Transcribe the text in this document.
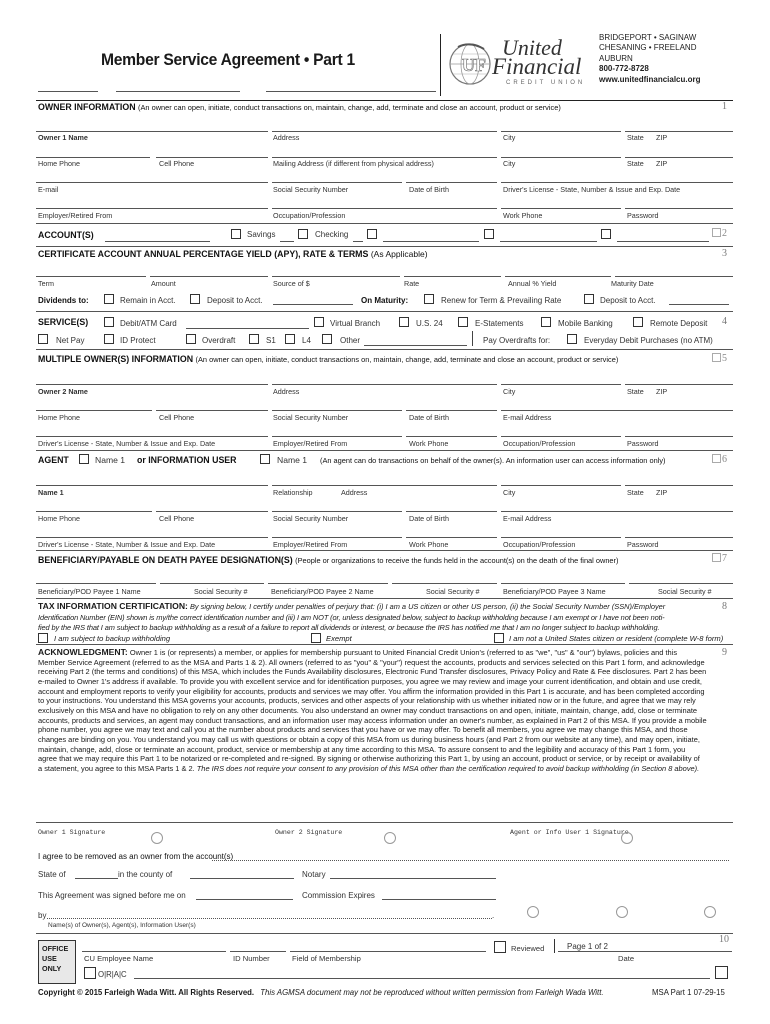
Member Service Agreement • Part 1	UF
United
Financial
CREDIT UNION
BRIDGEPORT • SAGINAW
CHESANING • FREELAND
AUBURN
800-772-8728
www.unitedfinancialcu.org
OWNER INFORMATION (An owner can open, initiate, conduct transactions on, maintain, change, add, terminate and close an account, product or service)	1
Owner 1 Name	Address	City	State ZIP
Home Phone	Cell Phone	Mailing Address (if different from physical address)	City	State ZIP
E-mail	Social Security Number	Date of Birth	Driver's License - State, Number & Issue and Exp. Date
Employer/Retired From	Occupation/Profession	Work Phone	Password
ACCOUNT(S)	Savings	Checking	2
CERTIFICATE ACCOUNT ANNUAL PERCENTAGE YIELD (APY), RATE & TERMS (As Applicable)	3
Term	Amount	Source of $	Rate	Annual % Yield	Maturity Date
Dividends to:	Remain in Acct.	Deposit to Acct.	On Maturity:	Renew for Term & Prevailing Rate	Deposit to Acct.
SERVICE(S)	Debit/ATM Card	Virtual Branch	U.S. 24	E-Statements	Mobile Banking	Remote Deposit 4
Net Pay	ID Protect	Overdraft	S1	L4	Other	Pay Overdrafts for:	Everyday Debit Purchases (no ATM)
MULTIPLE OWNER(S) INFORMATION (An owner can open, initiate, conduct transactions on, maintain, change, add, terminate and close an account, product or service)	5
Owner 2 Name	Address	City	State ZIP
Home Phone	Cell Phone	Social Security Number	Date of Birth	E-mail Address
Driver's License - State, Number & Issue and Exp. Date	Employer/Retired From	Work Phone	Occupation/Profession	Password
AGENT	Name 1 or INFORMATION USER	Name 1 (An agent can do transactions on behalf of the owner(s). An information user can access information only)	6
Name 1	Relationship	Address	City	State ZIP
Home Phone	Cell Phone	Social Security Number	Date of Birth	E-mail Address
Driver's License - State, Number & Issue and Exp. Date	Employer/Retired From	Work Phone	Occupation/Profession	Password
BENEFICIARY/PAYABLE ON DEATH PAYEE DESIGNATION(S) (People or organizations to receive the funds held in the account(s) on the death of the final owner)	7
Beneficiary/POD Payee 1 Name	Social Security #	Beneficiary/POD Payee 2 Name	Social Security #	Beneficiary/POD Payee 3 Name	Social Security #
TAX INFORMATION CERTIFICATION: By signing below, I certify under penalties of perjury that: (i) I am a US citizen or other US person, (ii) the Social Security Number (SSN)/Employer	8
Identification Number (EIN) shown is my/the correct identification number and (iii) I am NOT (or, unless designated below, subject to backup withholding because I am exempt or I have not been noti-
fied by the IRS that I am subject to backup withholding as a result of a failure to report all dividends or interest, or because the IRS has notified me that I am no longer subject to backup withholding.
I am subject to backup withholding	Exempt	I am not a United States citizen or resident (complete W-8 form)
9
ACKNOWLEDGMENT: Owner 1 is (or represents) a member, or applies for membership pursuant to United Financial Credit Union's (referred to as "we", "us" & "our") bylaws, policies and this
Member Service Agreement (referred to as the MSA and Parts 1 & 2). All owners (referred to as "you" & "your") request the accounts, products and services selected on this Part 1 form, and acknowledge
receiving Part 2 (the terms and conditions) of this MSA, which includes the Funds Availability disclosures, Electronic Fund Transfer disclosures, Privacy Policy and Rate & Fee disclosures. Part 2 has been
e-mailed to Owner 1's address if available. To provide you with excellent service and for identification purposes, you agree we may review and image your current identification, and obtain and use credit,
account and employment reports to verify your eligibility for accounts, products and services we may offer. You affirm the information provided in this Part 1 is accurate, and has been completed according
to your instructions. You understand this MSA governs your accounts, products, services and other aspects of your relationship with us whether initiated now or in the future, and agree that we may rely
exclusively on this MSA and have no obligation to rely on any other documents. You also understand an owner may conduct transactions on and open, initiate, maintain, change, add, close or terminate
accounts, products and services, an agent may conduct transactions, and an information user may access information under an owner's number, as explained in Part 2 of this MSA. If you provide a mobile
phone number, you agree we may text and call you at the number about products and services that you have or we may offer. To benefit all members, you agree we may change this MSA, and those
changes are binding on you. You understand you may call us with questions or obtain a copy of this MSA from us during business hours (and Part 2 from our website at any time), and may open, initiate,
maintain, change, add, close or terminate an account, product, service or membership at any time according to this MSA. To assure consent to and the legibility and accuracy of this Part 1 form, you
agree that we may require this Part 1 to be notarized or re-completed and re-signed. By signing or otherwise authorizing this Part 1, by using an account, product or service, or by receipt or availability of
a statement, you agree to this MSA Parts 1 & 2. The IRS does not require your consent to any provision of this MSA other than the certification required to avoid backup withholding (in Section 8 above).
Owner 1 Signature	Owner 2 Signature	Agent or Info User 1 Signature
I agree to be removed as an owner from the account(s)
State of	in the county of	Notary
This Agreement was signed before me on	Commission Expires
by	.
Name(s) of Owner(s), Agent(s), Information User(s)
10
OFFICE
USE
ONLY
CU Employee Name	ID Number	Field of Membership
Reviewed	Page 1 of 2
Date
O|R|A|C
Copyright © 2015 Farleigh Wada Witt. All Rights Reserved. This AGMSA document may not be reproduced without written permission from Farleigh Wada Witt.	MSA Part 1 07-29-15
